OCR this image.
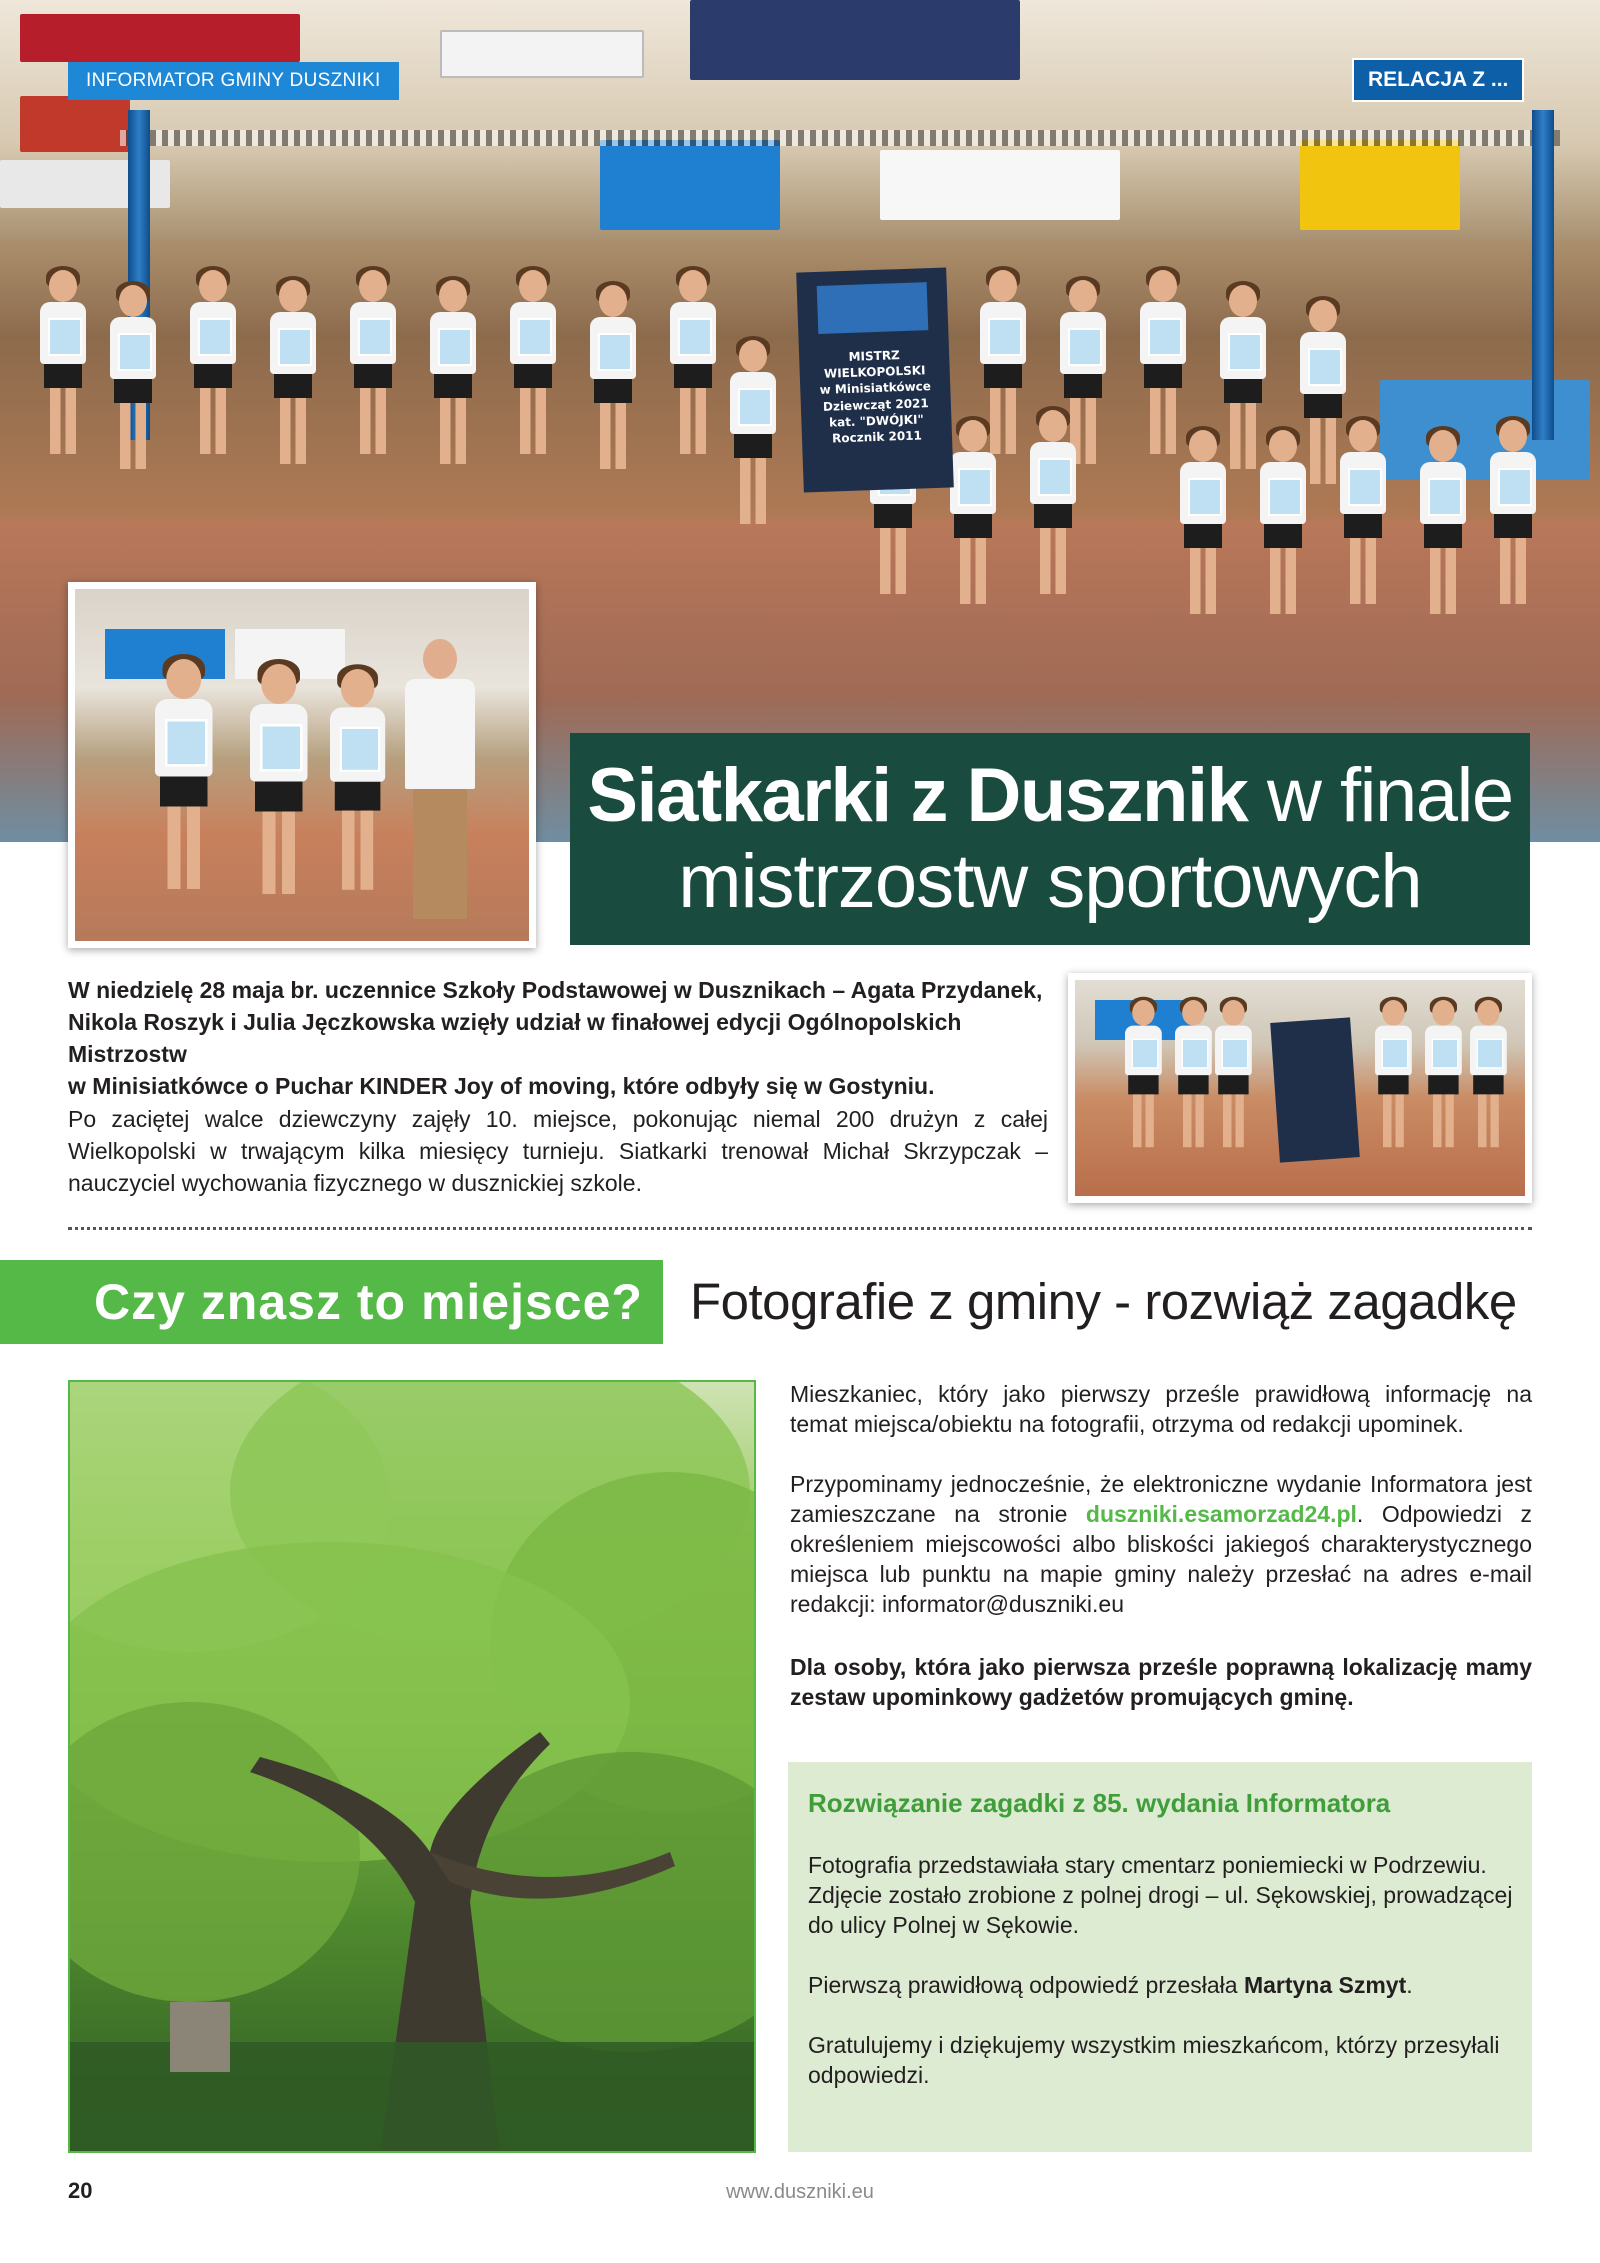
MISTRZ
WIELKOPOLSKI
w Minisiatkówce
Dziewcząt 2021
kat. "DWÓJKI"
Rocznik 2011
INFORMATOR GMINY DUSZNIKI	RELACJA Z ...
Siatkarki z Dusznik w finale
mistrzostw sportowych
W niedzielę 28 maja br. uczennice Szkoły Podstawowej w Dusznikach – Agata Przydanek,
Nikola Roszyk i Julia Jęczkowska wzięły udział w finałowej edycji Ogólnopolskich Mistrzostw
w Minisiatkówce o Puchar KINDER Joy of moving, które odbyły się w Gostyniu.
Po zaciętej walce dziewczyny zajęły 10. miejsce, pokonując niemal 200 drużyn z całej Wielkopolski w trwającym kilka miesięcy turnieju. Siatkarki trenował Michał Skrzypczak – nauczyciel wychowania fizycznego w dusznickiej szkole.
Czy znasz to miejsce? Fotografie z gminy - rozwiąż zagadkę
Mieszkaniec, który jako pierwszy prześle prawidłową informację na temat miejsca/obiektu na fotografii, otrzyma od redakcji upominek.
Przypominamy jednocześnie, że elektroniczne wydanie Informatora jest zamieszczane na stronie duszniki.esamorzad24.pl. Odpowiedzi z określeniem miejscowości albo bliskości jakiegoś charakterystycznego miejsca lub punktu na mapie gminy należy przesłać na adres e-mail redakcji: informator@duszniki.eu
Dla osoby, która jako pierwsza prześle poprawną lokalizację mamy zestaw upominkowy gadżetów promujących gminę.
Rozwiązanie zagadki z 85. wydania Informatora

Fotografia przedstawiała stary cmentarz poniemiecki w Podrzewiu. Zdjęcie zostało zrobione z polnej drogi – ul. Sękowskiej, prowadzącej do ulicy Polnej w Sękowie.

Pierwszą prawidłową odpowiedź przesłała Martyna Szmyt.

Gratulujemy i dziękujemy wszystkim mieszkańcom, którzy przesyłali odpowiedzi.

20	www.duszniki.eu
